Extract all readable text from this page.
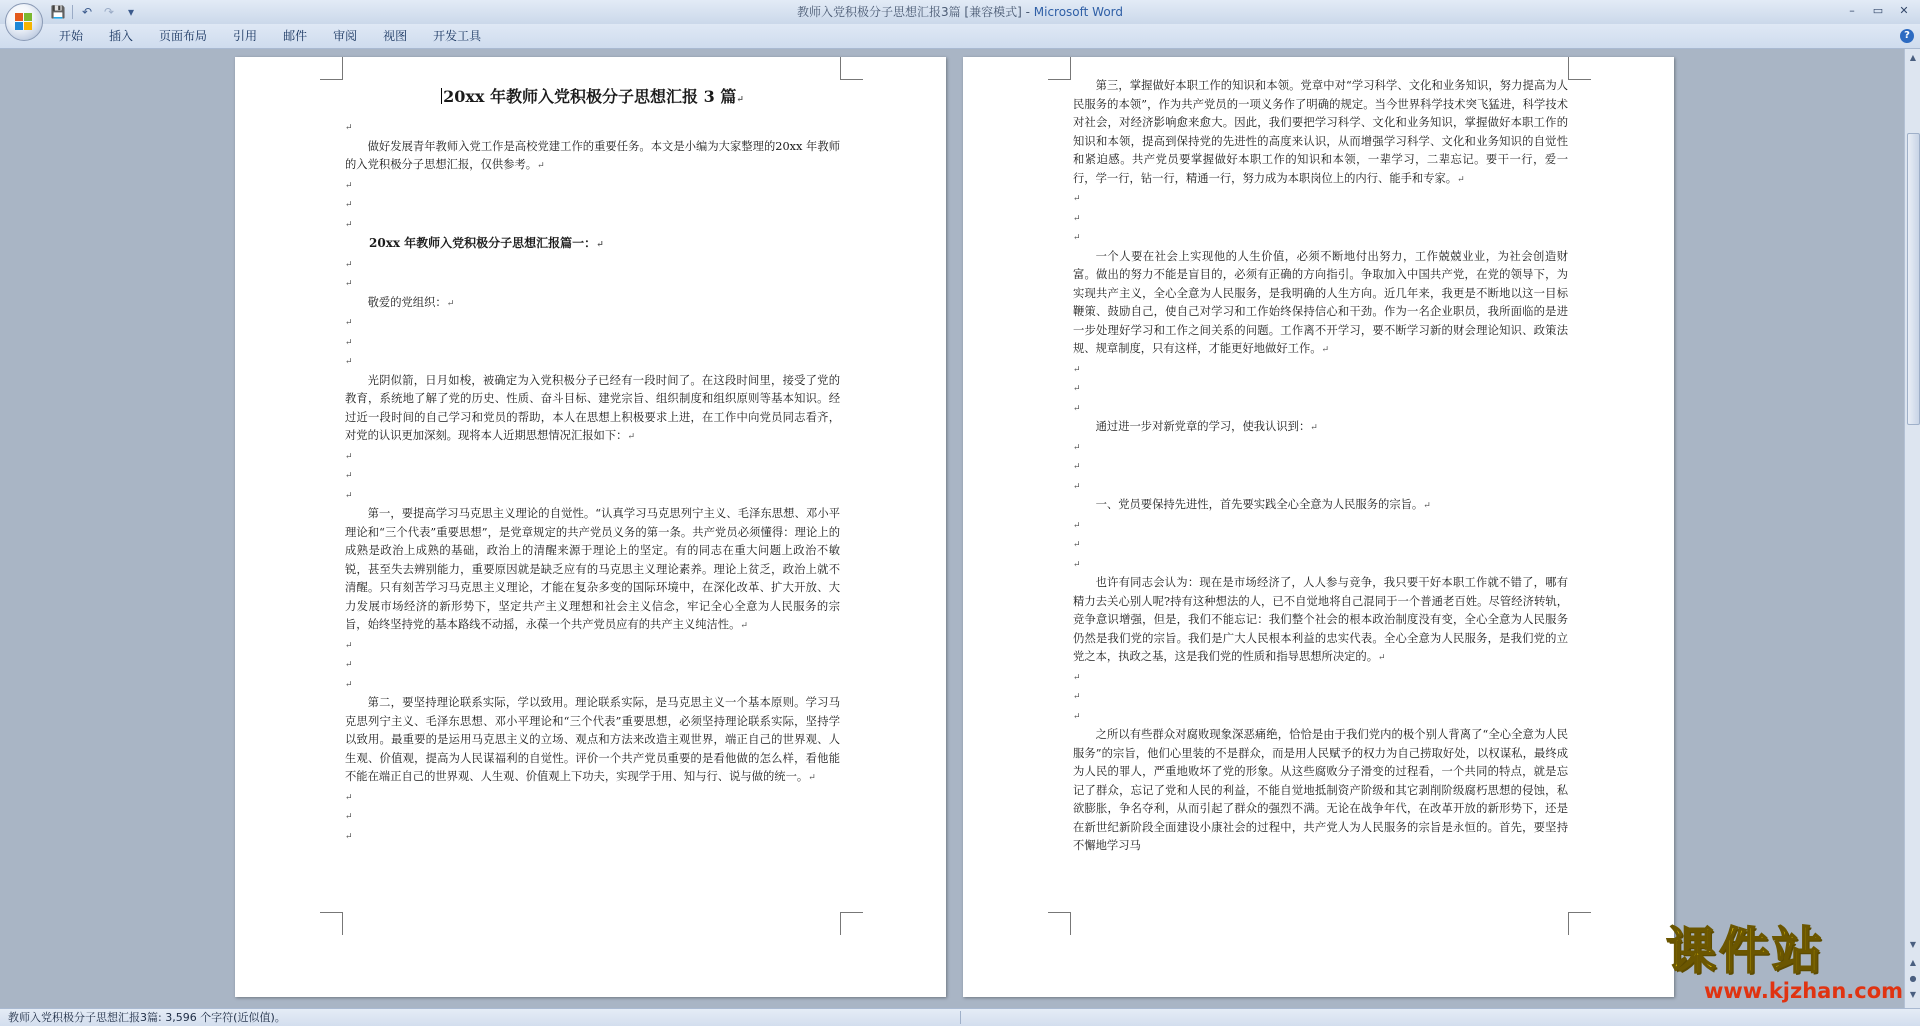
💾 ↶ ↷	▾	教师入党积极分子思想汇报3篇 [兼容模式] - Microsoft Word	–	▭	✕
开始	插入	页面布局	引用	邮件	审阅	视图	开发工具	?

20xx 年教师入党积极分子思想汇报 3 篇↵

↵

做好发展青年教师入党工作是高校党建工作的重要任务。本文是小编为大家整理的20xx 年教师的入党积极分子思想汇报，仅供参考。↵

↵

↵

↵

20xx 年教师入党积极分子思想汇报篇一：↵

↵

↵

敬爱的党组织：↵

↵

↵

↵

光阴似箭，日月如梭，被确定为入党积极分子已经有一段时间了。在这段时间里，接受了党的教育，系统地了解了党的历史、性质、奋斗目标、建党宗旨、组织制度和组织原则等基本知识。经过近一段时间的自己学习和党员的帮助，本人在思想上积极要求上进，在工作中向党员同志看齐，对党的认识更加深刻。现将本人近期思想情况汇报如下：↵

↵

↵

↵

第一，要提高学习马克思主义理论的自觉性。“认真学习马克思列宁主义、毛泽东思想、邓小平理论和“三个代表”重要思想”，是党章规定的共产党员义务的第一条。共产党员必须懂得：理论上的成熟是政治上成熟的基础，政治上的清醒来源于理论上的坚定。有的同志在重大问题上政治不敏锐，甚至失去辨别能力，重要原因就是缺乏应有的马克思主义理论素养。理论上贫乏，政治上就不清醒。只有刻苦学习马克思主义理论，才能在复杂多变的国际环境中，在深化改革、扩大开放、大力发展市场经济的新形势下，坚定共产主义理想和社会主义信念，牢记全心全意为人民服务的宗旨，始终坚持党的基本路线不动摇，永葆一个共产党员应有的共产主义纯洁性。↵

↵

↵

↵

第二，要坚持理论联系实际，学以致用。理论联系实际，是马克思主义一个基本原则。学习马克思列宁主义、毛泽东思想、邓小平理论和“三个代表”重要思想，必须坚持理论联系实际，坚持学以致用。最重要的是运用马克思主义的立场、观点和方法来改造主观世界，端正自己的世界观、人生观、价值观，提高为人民谋福利的自觉性。评价一个共产党员重要的是看他做的怎么样，看他能不能在端正自己的世界观、人生观、价值观上下功夫，实现学于用、知与行、说与做的统一。↵

↵

↵

↵

第三，掌握做好本职工作的知识和本领。党章中对“学习科学、文化和业务知识，努力提高为人民服务的本领”，作为共产党员的一项义务作了明确的规定。当今世界科学技术突飞猛进，科学技术对社会，对经济影响愈来愈大。因此，我们要把学习科学、文化和业务知识，掌握做好本职工作的知识和本领，提高到保持党的先进性的高度来认识，从而增强学习科学、文化和业务知识的自觉性和紧迫感。共产党员要掌握做好本职工作的知识和本领，一辈学习，二辈忘记。要干一行，爱一行，学一行，钻一行，精通一行，努力成为本职岗位上的内行、能手和专家。↵

↵

↵

↵

一个人要在社会上实现他的人生价值，必须不断地付出努力，工作兢兢业业，为社会创造财富。做出的努力不能是盲目的，必须有正确的方向指引。争取加入中国共产党，在党的领导下，为实现共产主义，全心全意为人民服务，是我明确的人生方向。近几年来，我更是不断地以这一目标鞭策、鼓励自己，使自己对学习和工作始终保持信心和干劲。作为一名企业职员，我所面临的是进一步处理好学习和工作之间关系的问题。工作离不开学习，要不断学习新的财会理论知识、政策法规、规章制度，只有这样，才能更好地做好工作。↵

↵

↵

↵

通过进一步对新党章的学习，使我认识到：↵

↵

↵

↵

一、党员要保持先进性，首先要实践全心全意为人民服务的宗旨。↵

↵

↵

↵

也许有同志会认为：现在是市场经济了，人人参与竞争，我只要干好本职工作就不错了，哪有精力去关心别人呢?持有这种想法的人，已不自觉地将自己混同于一个普通老百姓。尽管经济转轨，竞争意识增强，但是，我们不能忘记：我们整个社会的根本政治制度没有变，全心全意为人民服务仍然是我们党的宗旨。我们是广大人民根本利益的忠实代表。全心全意为人民服务，是我们党的立党之本，执政之基，这是我们党的性质和指导思想所决定的。↵

↵

↵

↵

之所以有些群众对腐败现象深恶痛绝，恰恰是由于我们党内的极个别人背离了“全心全意为人民服务”的宗旨，他们心里装的不是群众，而是用人民赋予的权力为自己捞取好处，以权谋私，最终成为人民的罪人，严重地败坏了党的形象。从这些腐败分子滑变的过程看，一个共同的特点，就是忘记了群众，忘记了党和人民的利益，不能自觉地抵制资产阶级和其它剥削阶级腐朽思想的侵蚀，私欲膨胀，争名夺利，从而引起了群众的强烈不满。无论在战争年代，在改革开放的新形势下，还是在新世纪新阶段全面建设小康社会的过程中，共产党人为人民服务的宗旨是永恒的。首先，要坚持不懈地学习马

▲
▼
▲
●
▼
教师入党积极分子思想汇报3篇: 3,596 个字符(近似值)。
课件站
www.kjzhan.com
